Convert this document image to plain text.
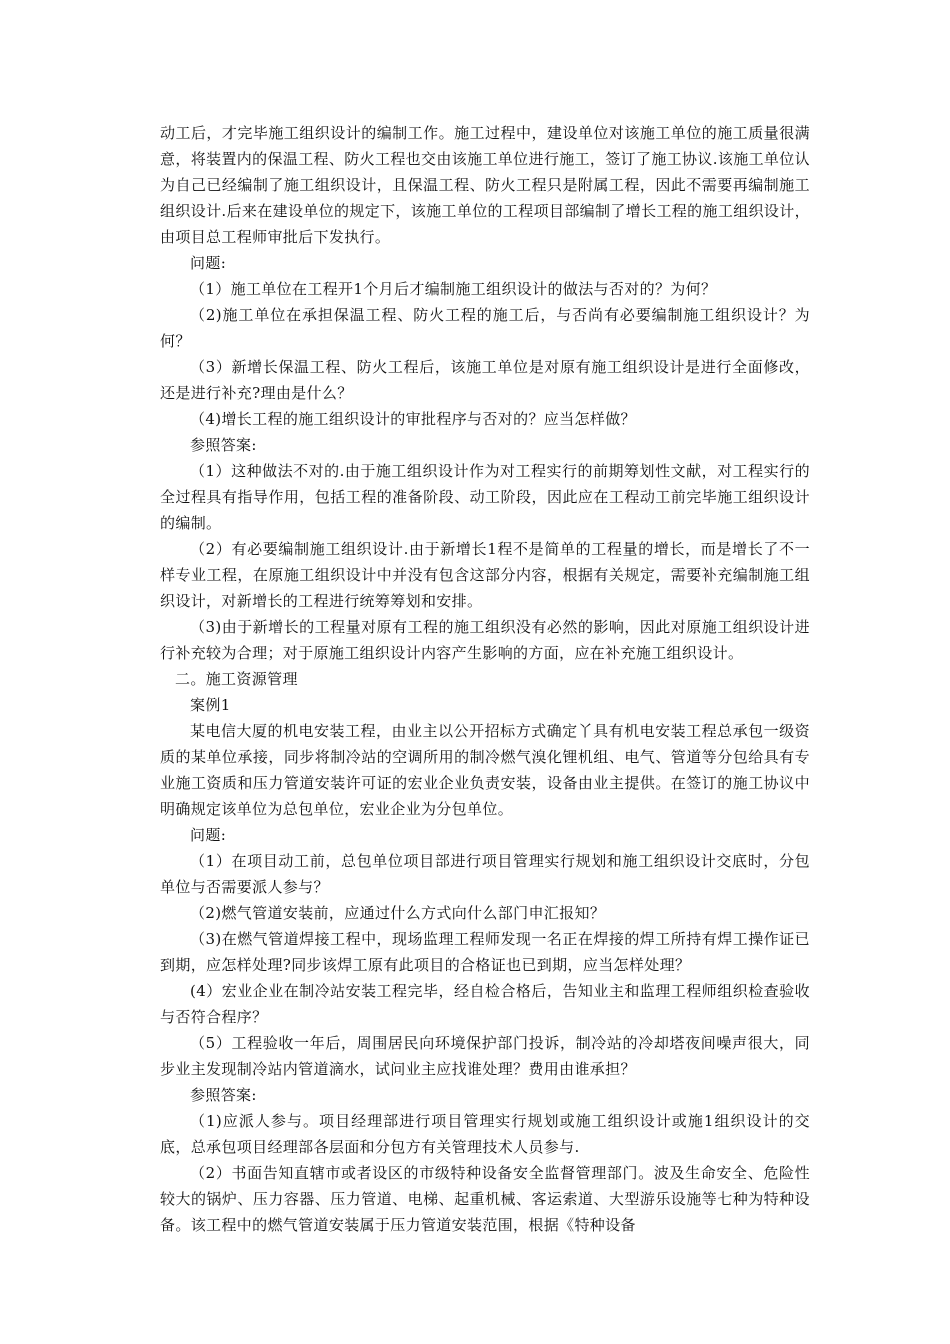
动工后，才完毕施工组织设计的编制工作。施工过程中，建设单位对该施工单位的施工质量很满意，将装置内的保温工程、防火工程也交由该施工单位进行施工，签订了施工协议.该施工单位认为自己已经编制了施工组织设计，且保温工程、防火工程只是附属工程，因此不需要再编制施工组织设计.后来在建设单位的规定下，该施工单位的工程项目部编制了增长工程的施工组织设计，由项目总工程师审批后下发执行。

问题:

（1）施工单位在工程开1个月后才编制施工组织设计的做法与否对的？为何？

（2)施工单位在承担保温工程、防火工程的施工后，与否尚有必要编制施工组织设计？为何？

（3）新增长保温工程、防火工程后，该施工单位是对原有施工组织设计是进行全面修改，还是进行补充?理由是什么？

（4)增长工程的施工组织设计的审批程序与否对的？应当怎样做？

参照答案:

（1）这种做法不对的.由于施工组织设计作为对工程实行的前期筹划性文献，对工程实行的全过程具有指导作用，包括工程的准备阶段、动工阶段，因此应在工程动工前完毕施工组织设计的编制。

（2）有必要编制施工组织设计.由于新增长1程不是简单的工程量的增长，而是增长了不一样专业工程，在原施工组织设计中并没有包含这部分内容，根据有关规定，需要补充编制施工组织设计，对新增长的工程进行统筹筹划和安排。

（3)由于新增长的工程量对原有工程的施工组织没有必然的影响，因此对原施工组织设计进行补充较为合理；对于原施工组织设计内容产生影响的方面，应在补充施工组织设计。

二。施工资源管理

案例1

某电信大厦的机电安装工程，由业主以公开招标方式确定丫具有机电安装工程总承包一级资质的某单位承接，同步将制冷站的空调所用的制冷燃气溴化锂机组、电气、管道等分包给具有专业施工资质和压力管道安装许可证的宏业企业负责安装，设备由业主提供。在签订的施工协议中明确规定该单位为总包单位，宏业企业为分包单位。

问题:

（1）在项目动工前，总包单位项目部进行项目管理实行规划和施工组织设计交底时，分包单位与否需要派人参与？

（2)燃气管道安装前，应通过什么方式向什么部门申汇报知？

（3)在燃气管道焊接工程中，现场监理工程师发现一名正在焊接的焊工所持有焊工操作证已到期，应怎样处理?同步该焊工原有此项目的合格证也已到期，应当怎样处理？

(4）宏业企业在制冷站安装工程完毕，经自检合格后，告知业主和监理工程师组织检查验收与否符合程序？

（5）工程验收一年后，周围居民向环境保护部门投诉，制冷站的冷却塔夜间噪声很大，同步业主发现制冷站内管道滴水，试问业主应找谁处理？费用由谁承担？

参照答案:

（1)应派人参与。项目经理部进行项目管理实行规划或施工组织设计或施1组织设计的交底，总承包项目经理部各层面和分包方有关管理技术人员参与.

（2）书面告知直辖市或者设区的市级特种设备安全监督管理部门。波及生命安全、危险性较大的锅炉、压力容器、压力管道、电梯、起重机械、客运索道、大型游乐设施等七种为特种设备。该工程中的燃气管道安装属于压力管道安装范围，根据《特种设备
